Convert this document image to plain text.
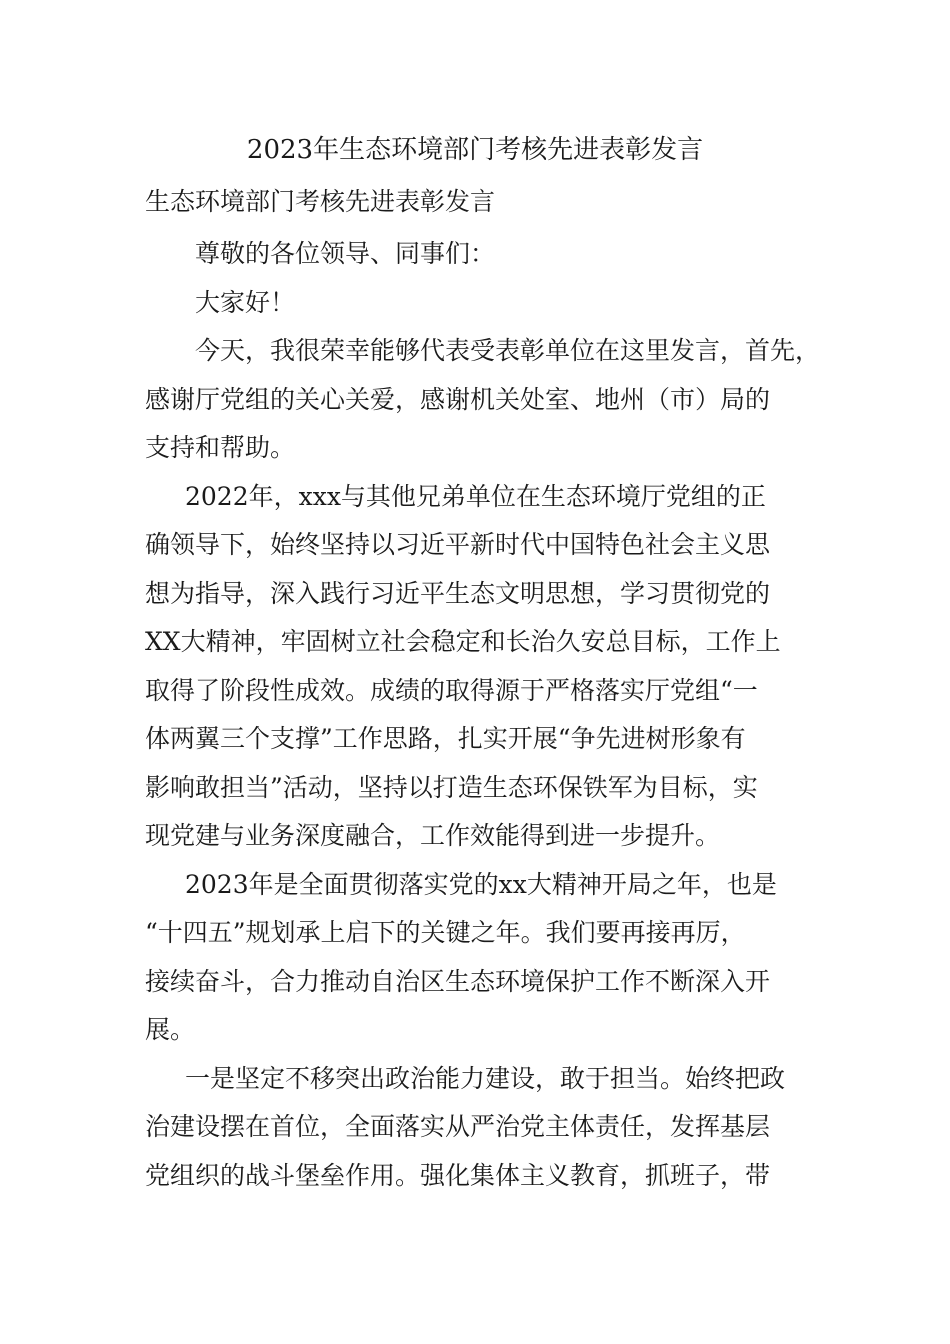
2023年生态环境部门考核先进表彰发言

生态环境部门考核先进表彰发言

尊敬的各位领导、同事们：

大家好！

今天，我很荣幸能够代表受表彰单位在这里发言，首先，
感谢厅党组的关心关爱，感谢机关处室、地州（市）局的
支持和帮助。

2022年，xxx与其他兄弟单位在生态环境厅党组的正
确领导下，始终坚持以习近平新时代中国特色社会主义思
想为指导，深入践行习近平生态文明思想，学习贯彻党的
XX大精神，牢固树立社会稳定和长治久安总目标，工作上
取得了阶段性成效。成绩的取得源于严格落实厅党组“一
体两翼三个支撑”工作思路，扎实开展“争先进树形象有
影响敢担当”活动，坚持以打造生态环保铁军为目标，实
现党建与业务深度融合，工作效能得到进一步提升。

2023年是全面贯彻落实党的xx大精神开局之年，也是
“十四五”规划承上启下的关键之年。我们要再接再厉，
接续奋斗，合力推动自治区生态环境保护工作不断深入开
展。

一是坚定不移突出政治能力建设，敢于担当。始终把政
治建设摆在首位，全面落实从严治党主体责任，发挥基层
党组织的战斗堡垒作用。强化集体主义教育，抓班子，带
